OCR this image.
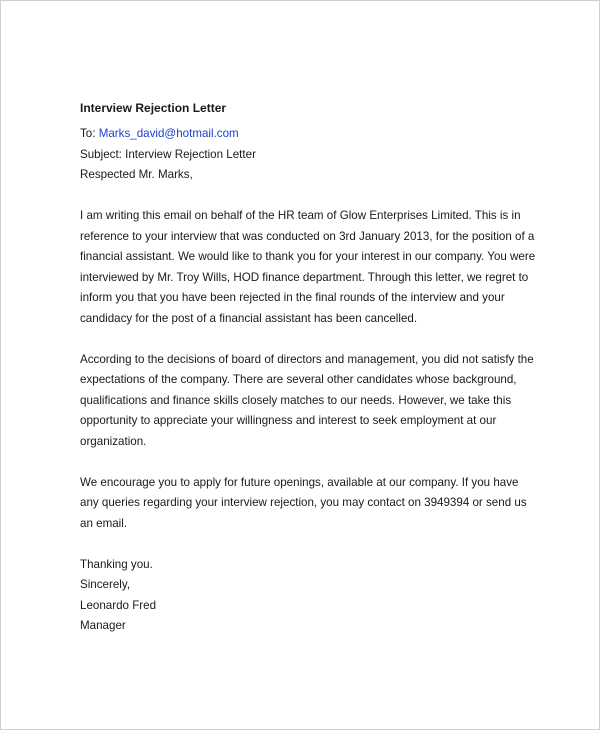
Interview Rejection Letter
To: Marks_david@hotmail.com
Subject: Interview Rejection Letter
Respected Mr. Marks,
I am writing this email on behalf of the HR team of Glow Enterprises Limited. This is in
reference to your interview that was conducted on 3rd January 2013, for the position of a
financial assistant. We would like to thank you for your interest in our company. You were
interviewed by Mr. Troy Wills, HOD finance department. Through this letter, we regret to
inform you that you have been rejected in the final rounds of the interview and your
candidacy for the post of a financial assistant has been cancelled.
According to the decisions of board of directors and management, you did not satisfy the
expectations of the company. There are several other candidates whose background,
qualifications and finance skills closely matches to our needs. However, we take this
opportunity to appreciate your willingness and interest to seek employment at our
organization.
We encourage you to apply for future openings, available at our company. If you have
any queries regarding your interview rejection, you may contact on 3949394 or send us
an email.
Thanking you.
Sincerely,
Leonardo Fred
Manager
